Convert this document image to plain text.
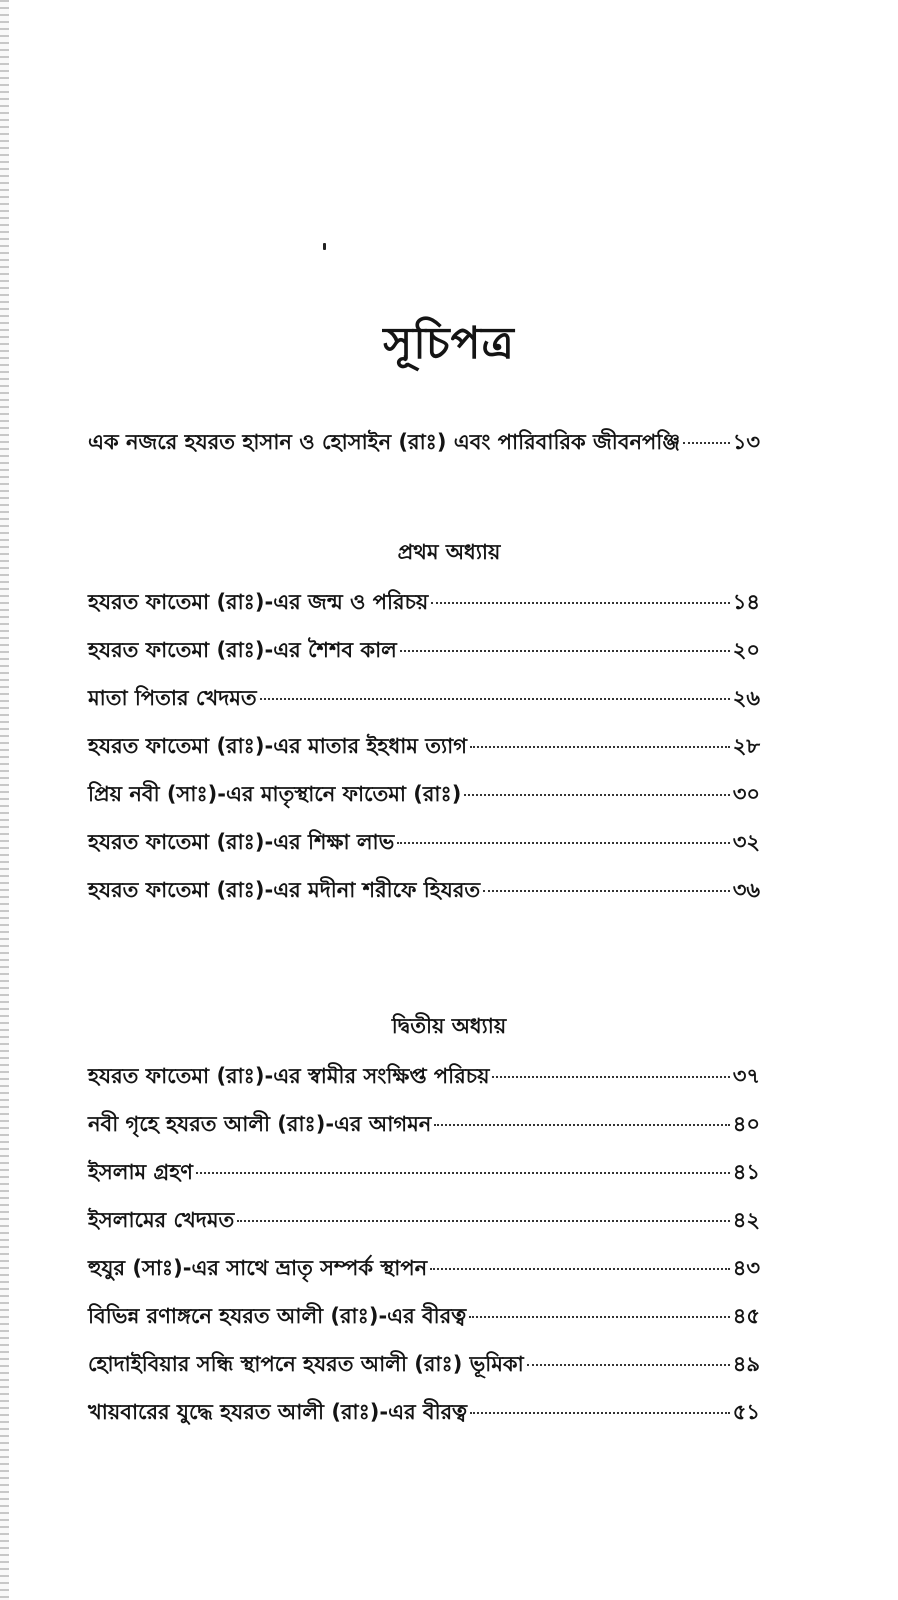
সূচিপত্র
এক নজরে হযরত হাসান ও হোসাইন (রাঃ) এবং পারিবারিক জীবনপঞ্জি ১৩
প্রথম অধ্যায়
হযরত ফাতেমা (রাঃ)-এর জন্ম ও পরিচয়	১৪
হযরত ফাতেমা (রাঃ)-এর শৈশব কাল	২০
মাতা পিতার খেদমত	২৬
হযরত ফাতেমা (রাঃ)-এর মাতার ইহধাম ত্যাগ	২৮
প্রিয় নবী (সাঃ)-এর মাতৃস্থানে ফাতেমা (রাঃ)	৩০
হযরত ফাতেমা (রাঃ)-এর শিক্ষা লাভ	৩২
হযরত ফাতেমা (রাঃ)-এর মদীনা শরীফে হিযরত	৩৬
দ্বিতীয় অধ্যায়
হযরত ফাতেমা (রাঃ)-এর স্বামীর সংক্ষিপ্ত পরিচয়	৩৭
নবী গৃহে হযরত আলী (রাঃ)-এর আগমন	৪০
ইসলাম গ্রহণ	৪১
ইসলামের খেদমত	৪২
হুযুর (সাঃ)-এর সাথে ভ্রাতৃ সম্পর্ক স্থাপন	৪৩
বিভিন্ন রণাঙ্গনে হযরত আলী (রাঃ)-এর বীরত্ব	৪৫
হোদাইবিয়ার সন্ধি স্থাপনে হযরত আলী (রাঃ) ভূমিকা	৪৯
খায়বারের যুদ্ধে হযরত আলী (রাঃ)-এর বীরত্ব	৫১
